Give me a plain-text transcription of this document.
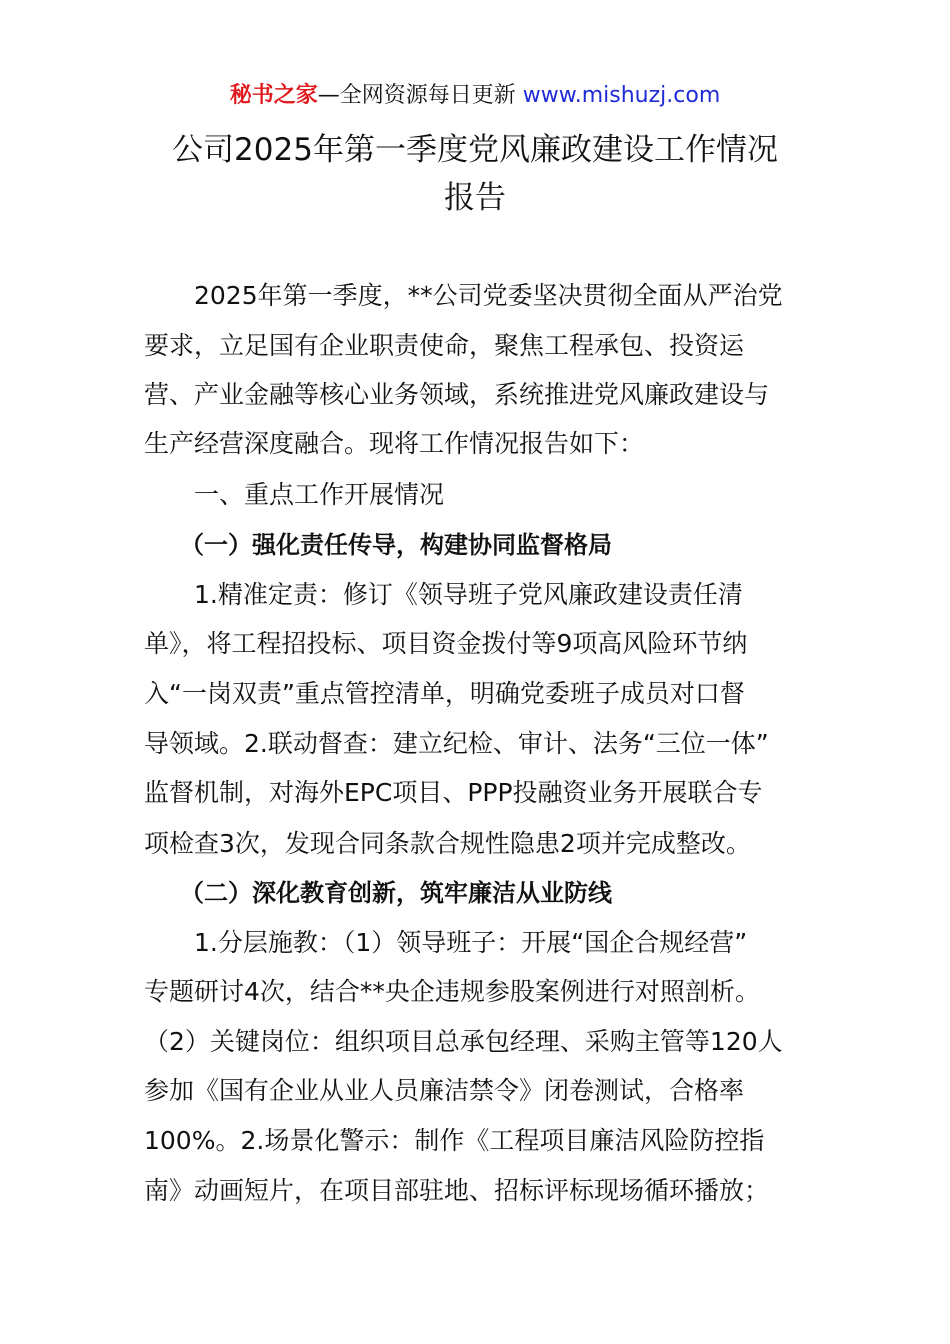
秘书之家—全网资源每日更新 www.mishuzj.com
公司2025年第一季度党风廉政建设工作情况
报告
　　2025年第一季度，**公司党委坚决贯彻全面从严治党
要求，立足国有企业职责使命，聚焦工程承包、投资运
营、产业金融等核心业务领域，系统推进党风廉政建设与
生产经营深度融合。现将工作情况报告如下：
　　一、重点工作开展情况
　　（一）强化责任传导，构建协同监督格局
　　1.精准定责：修订《领导班子党风廉政建设责任清
单》，将工程招投标、项目资金拨付等9项高风险环节纳
入“一岗双责”重点管控清单，明确党委班子成员对口督
导领域。2.联动督查：建立纪检、审计、法务“三位一体”
监督机制，对海外EPC项目、PPP投融资业务开展联合专
项检查3次，发现合同条款合规性隐患2项并完成整改。
　　（二）深化教育创新，筑牢廉洁从业防线
　　1.分层施教：（1）领导班子：开展“国企合规经营”
专题研讨4次，结合**央企违规参股案例进行对照剖析。
（2）关键岗位：组织项目总承包经理、采购主管等120人
参加《国有企业从业人员廉洁禁令》闭卷测试，合格率
100%。2.场景化警示：制作《工程项目廉洁风险防控指
南》动画短片，在项目部驻地、招标评标现场循环播放；
